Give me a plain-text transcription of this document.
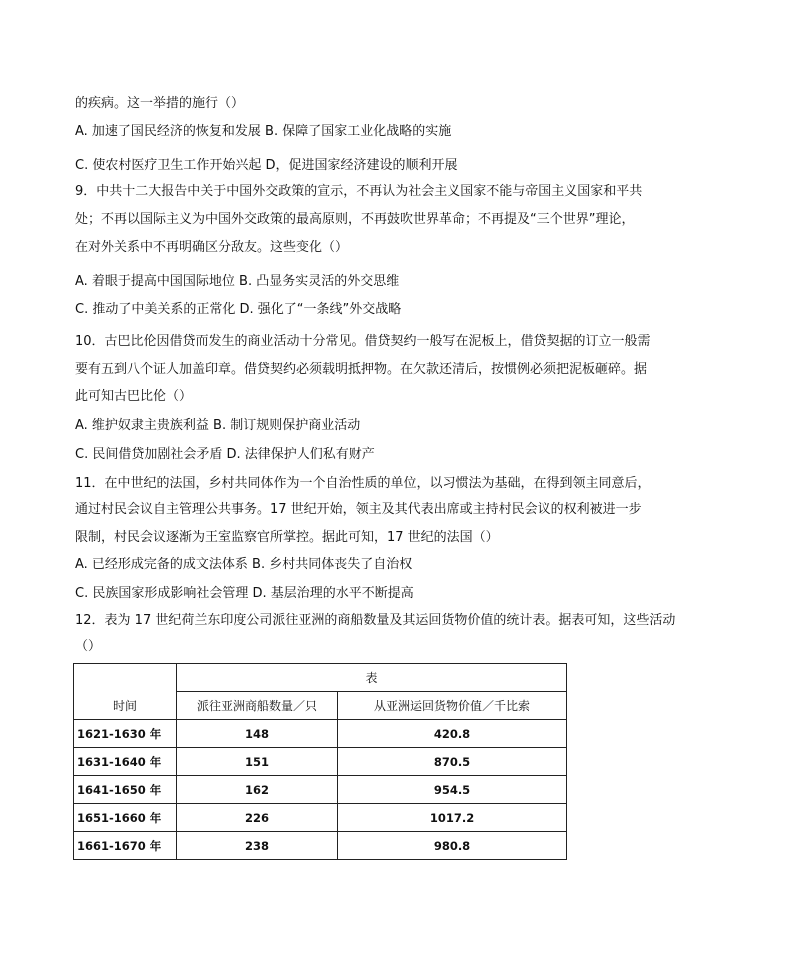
的疾病。这一举措的施行（）
A. 加速了国民经济的恢复和发展 B. 保障了国家工业化战略的实施
C. 使农村医疗卫生工作开始兴起 D，促进国家经济建设的顺利开展
9．中共十二大报告中关于中国外交政策的宣示，不再认为社会主义国家不能与帝国主义国家和平共
处；不再以国际主义为中国外交政策的最高原则，不再鼓吹世界革命；不再提及“三个世界”理论，
在对外关系中不再明确区分敌友。这些变化（）
A. 着眼于提高中国国际地位 B. 凸显务实灵活的外交思维
C. 推动了中美关系的正常化 D. 强化了“一条线”外交战略
10．古巴比伦因借贷而发生的商业活动十分常见。借贷契约一般写在泥板上，借贷契据的订立一般需
要有五到八个证人加盖印章。借贷契约必须载明抵押物。在欠款还清后，按惯例必须把泥板砸碎。据
此可知古巴比伦（）
A. 维护奴隶主贵族利益 B. 制订规则保护商业活动
C. 民间借贷加剧社会矛盾 D. 法律保护人们私有财产
11．在中世纪的法国，乡村共同体作为一个自治性质的单位，以习惯法为基础，在得到领主同意后，
通过村民会议自主管理公共事务。17 世纪开始，领主及其代表出席或主持村民会议的权利被进一步
限制，村民会议逐渐为王室监察官所掌控。据此可知，17 世纪的法国（）
A. 已经形成完备的成文法体系 B. 乡村共同体丧失了自治权
C. 民族国家形成影响社会管理 D. 基层治理的水平不断提高
12．表为 17 世纪荷兰东印度公司派往亚洲的商船数量及其运回货物价值的统计表。据表可知，这些活动
（）
	表	
时间	派往亚洲商船数量／只	从亚洲运回货物价值／千比索
1621-1630 年	148	420.8
1631-1640 年	151	870.5
1641-1650 年	162	954.5
1651-1660 年	226	1017.2
1661-1670 年	238	980.8
